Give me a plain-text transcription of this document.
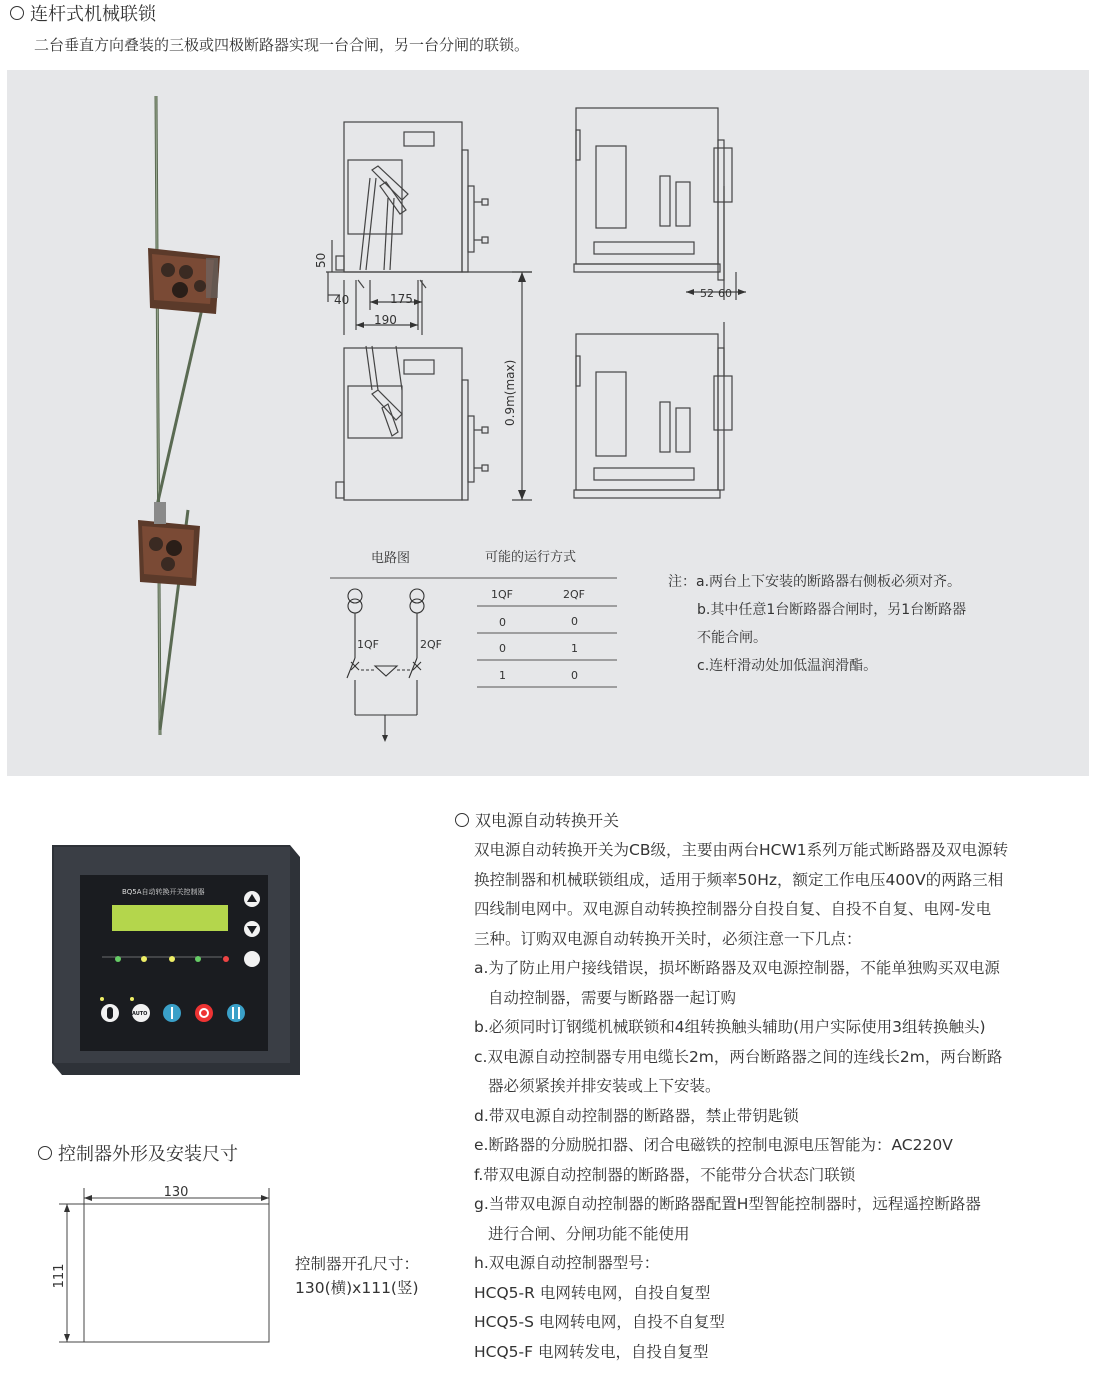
连杆式机械联锁
二台垂直方向叠装的三极或四极断路器实现一台合闸，另一台分闸的联锁。
50
40	175
190
52 60
0.9m(max)
电路图	可能的运行方式
1QF	2QF
1QF	2QF
0	0
0	1
1	0
注：a.两台上下安装的断路器右侧板必须对齐。
b.其中任意1台断路器合闸时，另1台断路器
不能合闸。
c.连杆滑动处加低温润滑酯。
BQ5A自动转换开关控制器
AUTO
双电源自动转换开关

双电源自动转换开关为CB级，主要由两台HCW1系列万能式断路器及双电源转

换控制器和机械联锁组成，适用于频率50Hz，额定工作电压400V的两路三相

四线制电网中。双电源自动转换控制器分自投自复、自投不自复、电网-发电

三种。订购双电源自动转换开关时，必须注意一下几点：

a.为了防止用户接线错误，损坏断路器及双电源控制器，不能单独购买双电源

自动控制器，需要与断路器一起订购

b.必须同时订钢缆机械联锁和4组转换触头辅助(用户实际使用3组转换触头)

c.双电源自动控制器专用电缆长2m，两台断路器之间的连线长2m，两台断路

器必须紧挨并排安装或上下安装。

d.带双电源自动控制器的断路器，禁止带钥匙锁

e.断路器的分励脱扣器、闭合电磁铁的控制电源电压智能为：AC220V

f.带双电源自动控制器的断路器，不能带分合状态门联锁

g.当带双电源自动控制器的断路器配置H型智能控制器时，远程遥控断路器

进行合闸、分闸功能不能使用

h.双电源自动控制器型号：

HCQ5-R 电网转电网，自投自复型

HCQ5-S 电网转电网，自投不自复型

HCQ5-F 电网转发电，自投自复型

控制器外形及安装尺寸
130
111	控制器开孔尺寸：
130(横)x111(竖)
